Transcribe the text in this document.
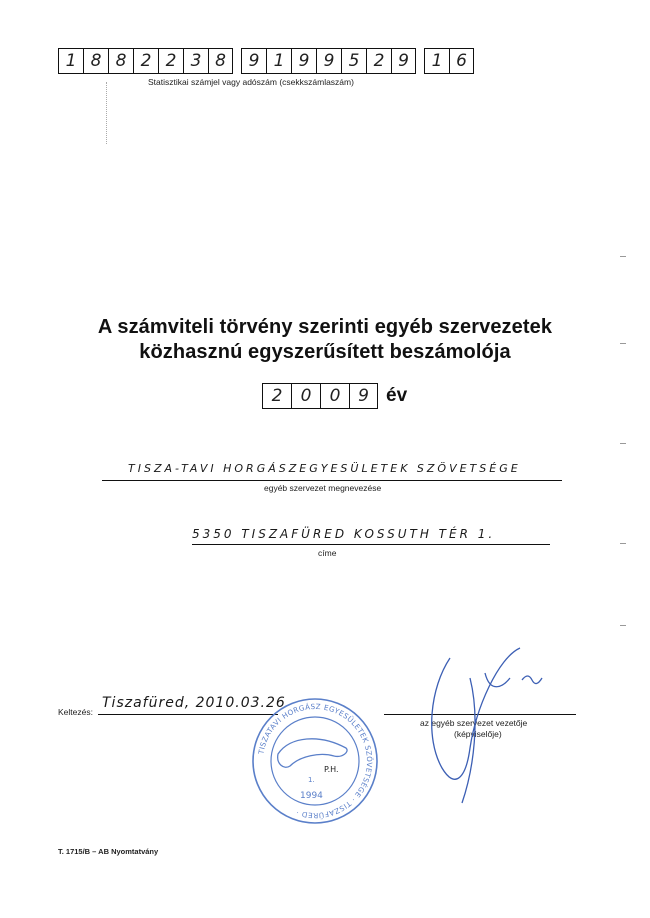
1 8 8 2 2 3 8	9 1 9 9 5 2 9	1 6
Statisztikai számjel vagy adószám (csekkszámlaszám)
A számviteli törvény szerinti egyéb szervezetek
közhasznú egyszerűsített beszámolója
2	0	0	9 év
TISZA-TAVI HORGÁSZEGYESÜLETEK SZÖVETSÉGE
egyéb szervezet megnevezése
5350 TISZAFÜRED KOSSUTH TÉR 1.
címe
Keltezés:
Tiszafüred, 2010.03.26
az egyéb szervezet vezetője
(képviselője)
TISZATAVI HORGÁSZ EGYESÜLETEK SZÖVETSÉGE · TISZAFÜRED ·
P.H.
1.
1994
T. 1715/B – AB Nyomtatvány
